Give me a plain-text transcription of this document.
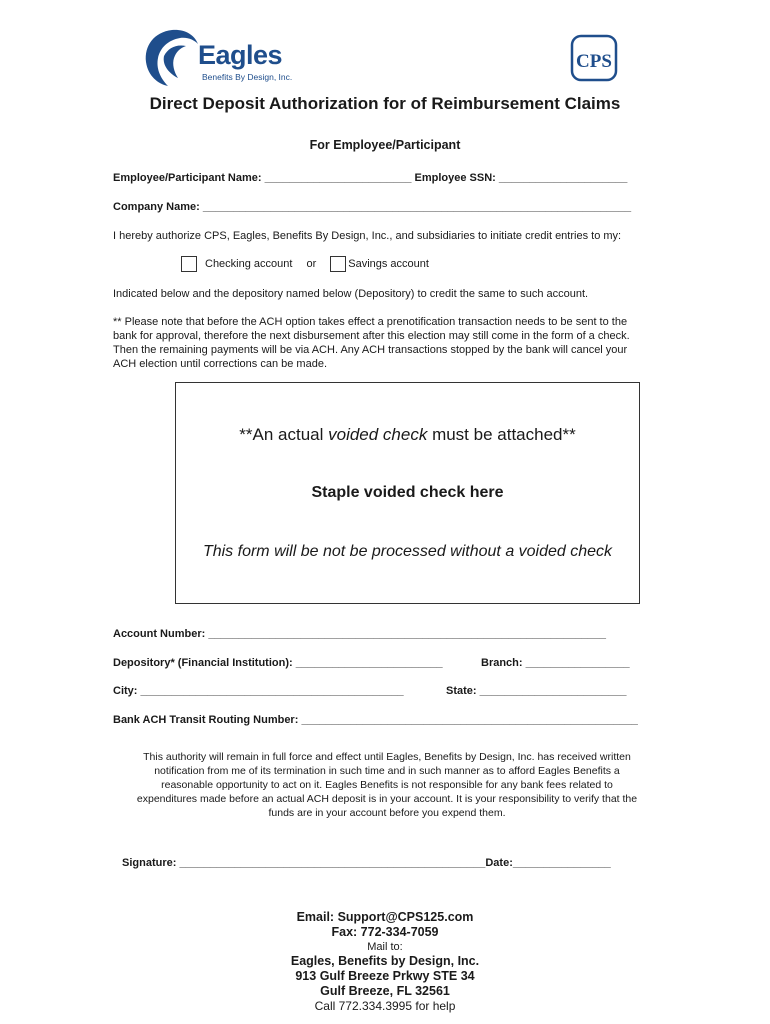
Eagles
Benefits By Design, Inc.
CPS
Direct Deposit Authorization for of Reimbursement Claims
For Employee/Participant
Employee/Participant Name: ________________________ Employee SSN: _____________________
Company Name: ______________________________________________________________________
I hereby authorize CPS, Eagles, Benefits By Design, Inc., and subsidiaries to initiate credit entries to my:
Checking account or	Savings account
Indicated below and the depository named below (Depository) to credit the same to such account.
** Please note that before the ACH option takes effect a prenotification transaction needs to be sent to the
bank for approval, therefore the next disbursement after this election may still come in the form of a check.
Then the remaining payments will be via ACH. Any ACH transactions stopped by the bank will cancel your
ACH election until corrections can be made.
**An actual voided check must be attached**
Staple voided check here
This form will be not be processed without a voided check
Account Number: _________________________________________________________________
Depository* (Financial Institution): ________________________	Branch: _________________
City: ___________________________________________	State: ________________________
Bank ACH Transit Routing Number: _______________________________________________________
This authority will remain in full force and effect until Eagles, Benefits by Design, Inc. has received written
notification from me of its termination in such time and in such manner as to afford Eagles Benefits a
reasonable opportunity to act on it. Eagles Benefits is not responsible for any bank fees related to
expenditures made before an actual ACH deposit is in your account. It is your responsibility to verify that the
funds are in your account before you expend them.
Signature: __________________________________________________Date:________________
Email: Support@CPS125.com
Fax: 772-334-7059
Mail to:
Eagles, Benefits by Design, Inc.
913 Gulf Breeze Prkwy STE 34
Gulf Breeze, FL 32561
Call 772.334.3995 for help
